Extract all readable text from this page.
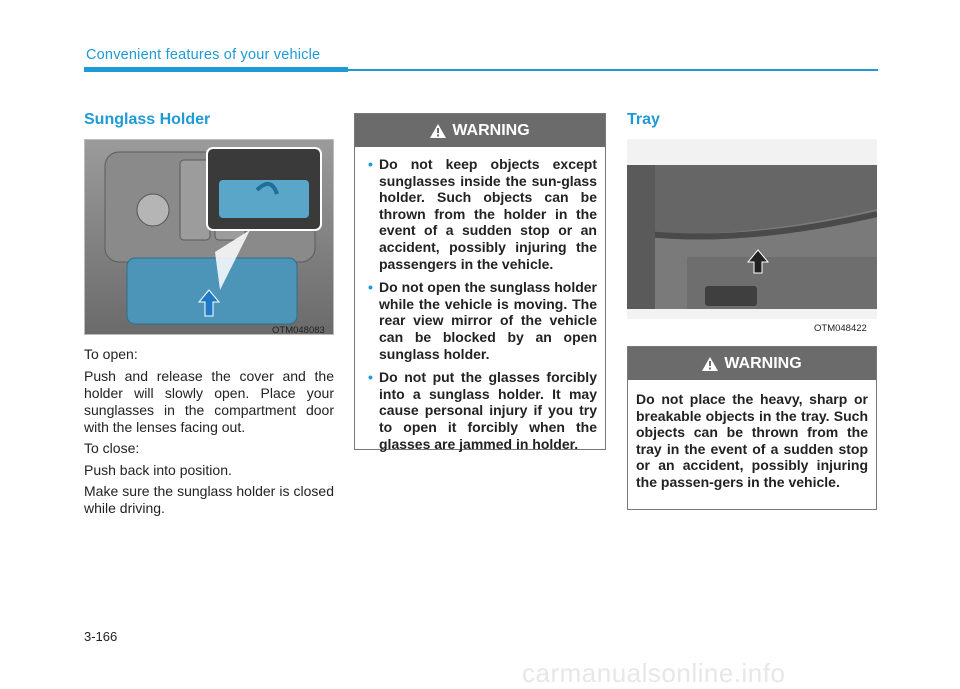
Convenient features of your vehicle
Sunglass Holder
OTM048083

To open:

Push and release the cover and the holder will slowly open. Place your sunglasses in the compartment door with the lenses facing out.

To close:

Push back into position.

Make sure the sunglass holder is closed while driving.

WARNING
• Do not keep objects except sunglasses inside the sun-glass holder. Such objects can be thrown from the holder in the event of a sudden stop or an accident, possibly injuring the passengers in the vehicle.
• Do not open the sunglass holder while the vehicle is moving. The rear view mirror of the vehicle can be blocked by an open sunglass holder.
• Do not put the glasses forcibly into a sunglass holder. It may cause personal injury if you try to open it forcibly when the glasses are jammed in holder.
Tray
OTM048422
WARNING

Do not place the heavy, sharp or breakable objects in the tray. Such objects can be thrown from the tray in the event of a sudden stop or an accident, possibly injuring the passen-gers in the vehicle.

3-166
carmanualsonline.info
